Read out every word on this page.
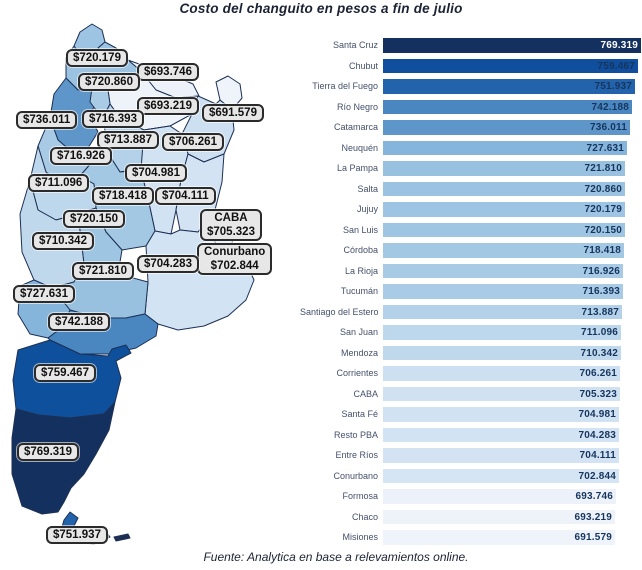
Costo del changuito en pesos a fin de julio
$720.179
$693.746
$720.860
$693.219
$691.579
$736.011 $716.393
$713.887 $706.261
$716.926
$704.981
$711.096
$718.418 $704.111
$720.150	CABA
$705.323
$710.342
Conurbano
$702.844
$704.283
$721.810
$727.631
$742.188
$759.467
$769.319
$751.937
Santa Cruz	769.319
Chubut	759.467
Tierra del Fuego	751.937
Río Negro	742.188
Catamarca	736.011
Neuquén	727.631
La Pampa	721.810
Salta	720.860
Jujuy	720.179
San Luis	720.150
Córdoba	718.418
La Rioja	716.926
Tucumán	716.393
Santiago del Estero	713.887
San Juan	711.096
Mendoza	710.342
Corrientes	706.261
CABA	705.323
Santa Fé	704.981
Resto PBA	704.283
Entre Ríos	704.111
Conurbano	702.844
Formosa	693.746
Chaco	693.219
Misiones	691.579
Fuente: Analytica en base a relevamientos online.
